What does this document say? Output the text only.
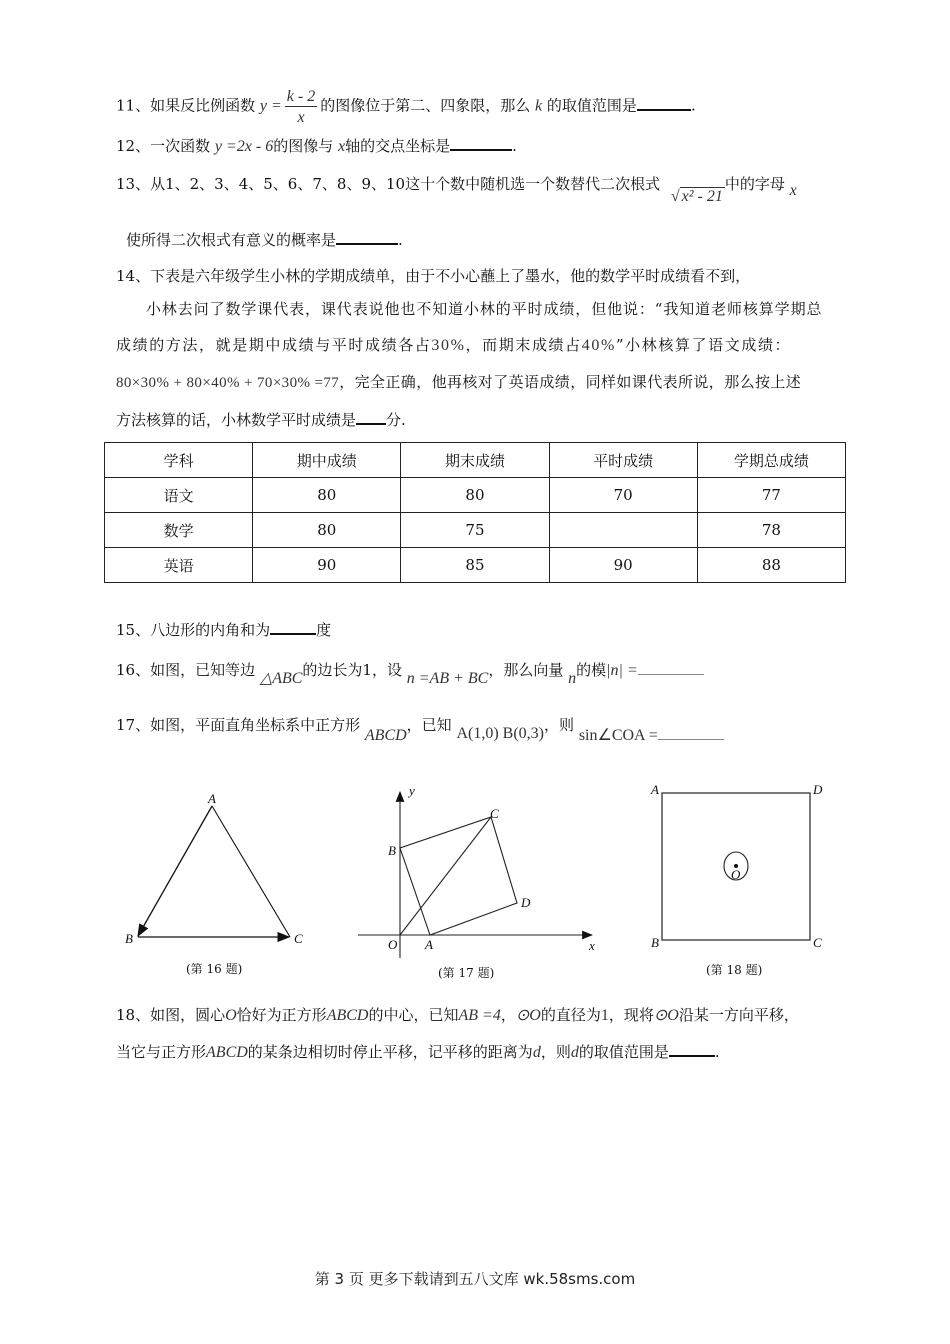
11、如果反比例函数 $y = \frac{k - 2}{x}$ 的图像位于第二、四象限，那么 k 的取值范围是	.
12、一次函数 y =2x - 6的图像与 x轴的交点坐标是	.
13、从1、2、3、4、5、6、7、8、9、10这十个数中随机选一个数替代二次根式 √ x² - 21中的字母 x
使所得二次根式有意义的概率是	.
14、下表是六年级学生小林的学期成绩单，由于不小心蘸上了墨水，他的数学平时成绩看不到，
小林去问了数学课代表，课代表说他也不知道小林的平时成绩，但他说：“我知道老师核算学期总
成绩的方法，就是期中成绩与平时成绩各占30%，而期末成绩占40%”小林核算了语文成绩：
80×30% + 80×40% + 70×30% =77，完全正确，他再核对了英语成绩，同样如课代表所说，那么按上述
方法核算的话，小林数学平时成绩是 分.
学科	期中成绩	期末成绩	平时成绩	学期总成绩
语文	80	80	70	77
数学	80	75		78
英语	90	85	90	88
15、八边形的内角和为	度
16、如图，已知等边 △ABC的边长为1，设 n =AB + BC，那么向量 n的模|n| =
17、如图，平面直角坐标系中正方形 ABCD，已知 A(1,0) B(0,3)，则 sin∠COA =
A
B	C
(第 16 题)
y
x
O A
B
C
D
(第 17 题)
A	D
B	C
O
(第 18 题)
18、如图，圆心O恰好为正方形ABCD的中心，已知AB =4，⊙O的直径为1，现将⊙O沿某一方向平移，
当它与正方形ABCD的某条边相切时停止平移，记平移的距离为d，则d的取值范围是	.
第 3 页 更多下载请到五八文库 wk.58sms.com
